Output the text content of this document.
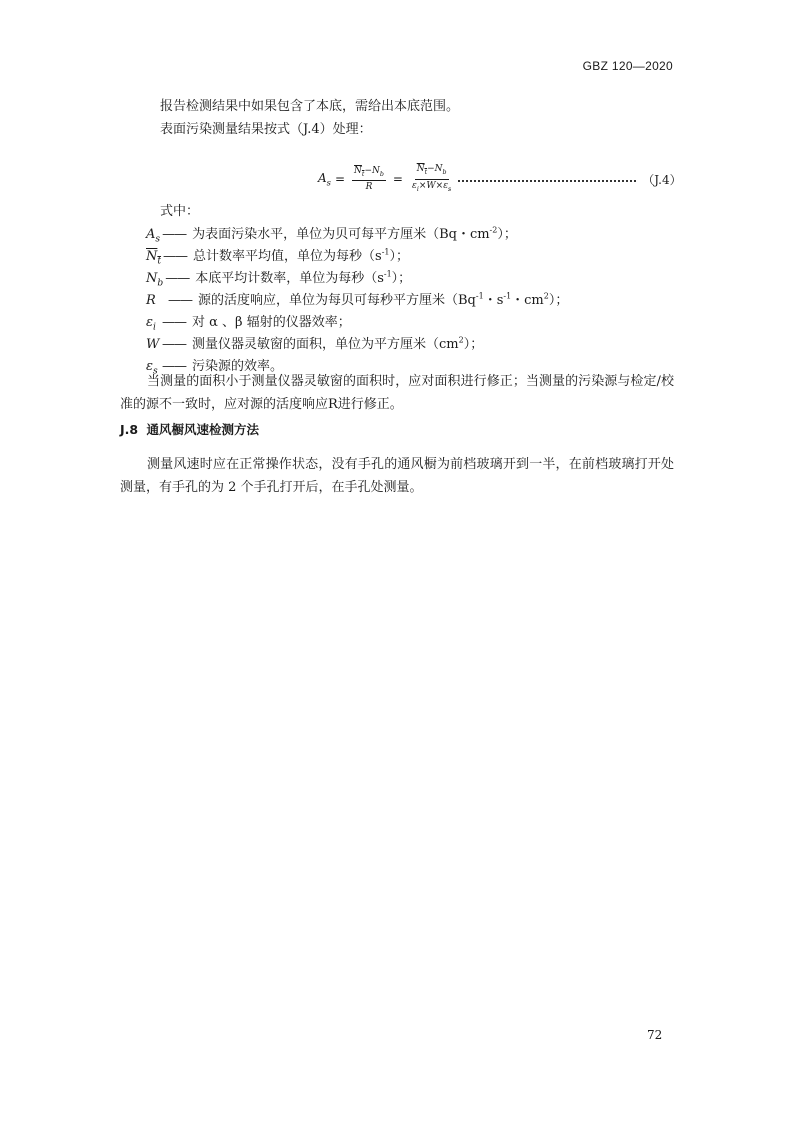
GBZ 120—2020
报告检测结果中如果包含了本底，需给出本底范围。
表面污染测量结果按式（J.4）处理：
$A_s = \frac{N_t-N_b}{R} = \frac{N_t-N_b}{\varepsilon_i\times W\times\varepsilon_s}$	（J.4）
式中：
$A_s$ —— 为表面污染水平，单位为贝可每平方厘米（Bq・$cm^{-2}$）；
$N_t$ —— 总计数率平均值，单位为每秒$(s^{-1})$；
$N_b$ —— 本底平均计数率，单位为每秒$(s^{-1})$；
R —— 源的活度响应，单位为每贝可每秒平方厘米（$Bq^{-1}$・$s^{-1}$・$cm^2$）；
$\varepsilon_i$ —— 对 α 、β 辐射的仪器效率；
W —— 测量仪器灵敏窗的面积，单位为平方厘米$(cm^2)$；
$\varepsilon_s$ —— 污染源的效率。
当测量的面积小于测量仪器灵敏窗的面积时，应对面积进行修正；当测量的污染源与检定/校准的源不一致时，应对源的活度响应R进行修正。
J.8 通风橱风速检测方法
测量风速时应在正常操作状态，没有手孔的通风橱为前档玻璃开到一半，在前档玻璃打开处测量，有手孔的为 2 个手孔打开后，在手孔处测量。
72
